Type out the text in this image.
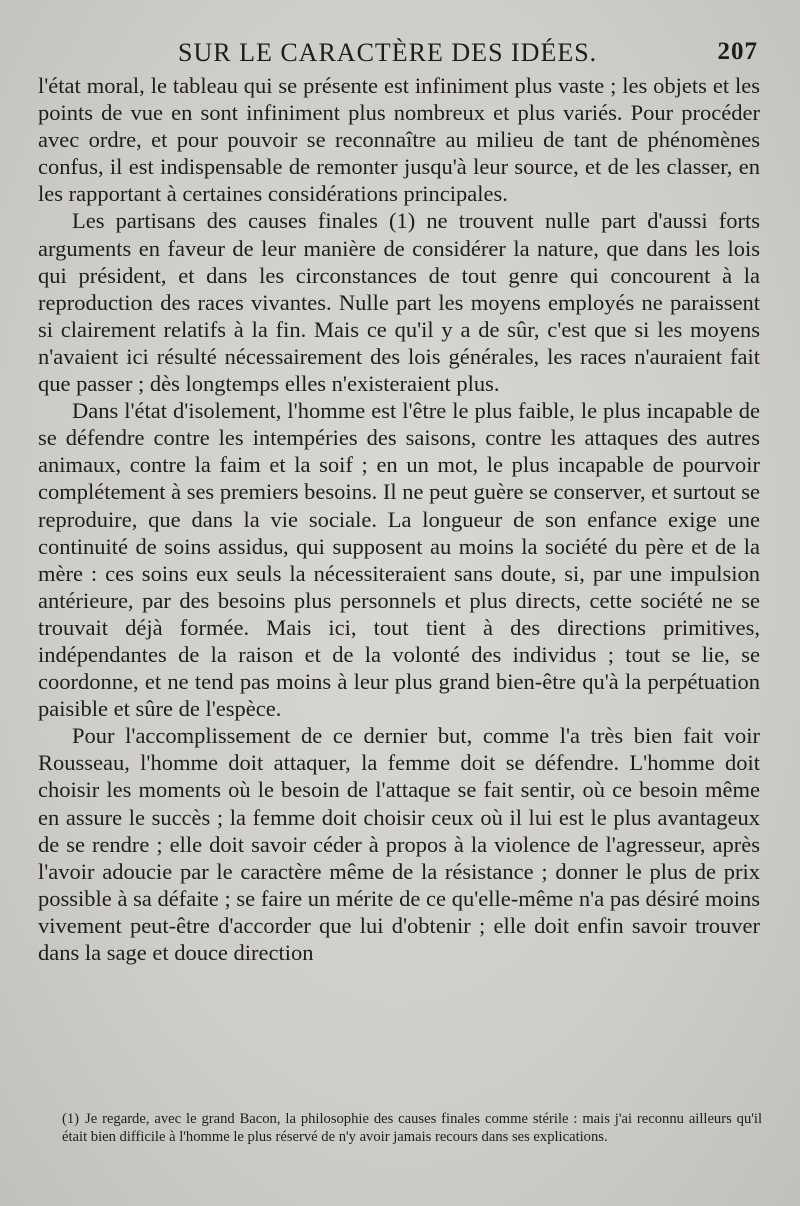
SUR LE CARACTÈRE DES IDÉES.	207

l'état moral, le tableau qui se présente est infiniment plus vaste ; les objets et les points de vue en sont infiniment plus nombreux et plus variés. Pour procéder avec ordre, et pour pouvoir se reconnaître au milieu de tant de phénomènes confus, il est indispensable de remonter jusqu'à leur source, et de les classer, en les rapportant à certaines considérations principales.

Les partisans des causes finales (1) ne trouvent nulle part d'aussi forts arguments en faveur de leur manière de considérer la nature, que dans les lois qui président, et dans les circonstances de tout genre qui concourent à la reproduction des races vivantes. Nulle part les moyens employés ne paraissent si clairement relatifs à la fin. Mais ce qu'il y a de sûr, c'est que si les moyens n'avaient ici résulté nécessairement des lois générales, les races n'auraient fait que passer ; dès longtemps elles n'existeraient plus.

Dans l'état d'isolement, l'homme est l'être le plus faible, le plus incapable de se défendre contre les intempéries des saisons, contre les attaques des autres animaux, contre la faim et la soif ; en un mot, le plus incapable de pourvoir complétement à ses premiers besoins. Il ne peut guère se conserver, et surtout se reproduire, que dans la vie sociale. La longueur de son enfance exige une continuité de soins assidus, qui supposent au moins la société du père et de la mère : ces soins eux seuls la nécessiteraient sans doute, si, par une impulsion antérieure, par des besoins plus personnels et plus directs, cette société ne se trouvait déjà formée. Mais ici, tout tient à des directions primitives, indépendantes de la raison et de la volonté des individus ; tout se lie, se coordonne, et ne tend pas moins à leur plus grand bien-être qu'à la perpétuation paisible et sûre de l'espèce.

Pour l'accomplissement de ce dernier but, comme l'a très bien fait voir Rousseau, l'homme doit attaquer, la femme doit se défendre. L'homme doit choisir les moments où le besoin de l'attaque se fait sentir, où ce besoin même en assure le succès ; la femme doit choisir ceux où il lui est le plus avantageux de se rendre ; elle doit savoir céder à propos à la violence de l'agresseur, après l'avoir adoucie par le caractère même de la résistance ; donner le plus de prix possible à sa défaite ; se faire un mérite de ce qu'elle-même n'a pas désiré moins vivement peut-être d'accorder que lui d'obtenir ; elle doit enfin savoir trouver dans la sage et douce direction

(1) Je regarde, avec le grand Bacon, la philosophie des causes finales comme stérile : mais j'ai reconnu ailleurs qu'il était bien difficile à l'homme le plus réservé de n'y avoir jamais recours dans ses explications.
